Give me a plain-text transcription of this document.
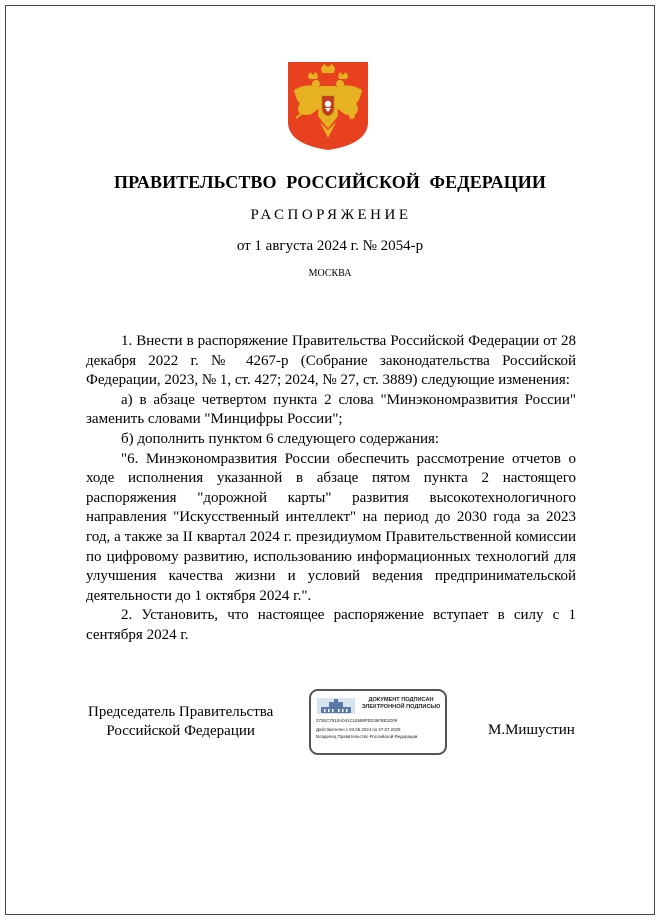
ПРАВИТЕЛЬСТВО РОССИЙСКОЙ ФЕДЕРАЦИИ
РАСПОРЯЖЕНИЕ
от 1 августа 2024 г. № 2054-р
МОСКВА

1. Внести в распоряжение Правительства Российской Федерации от 28 декабря 2022 г. № 4267-р (Собрание законодательства Российской Федерации, 2023, № 1, ст. 427; 2024, № 27, ст. 3889) следующие изменения:

а) в абзаце четвертом пункта 2 слова "Минэкономразвития России" заменить словами "Минцифры России";

б) дополнить пунктом 6 следующего содержания:

"6. Минэкономразвития России обеспечить рассмотрение отчетов о ходе исполнения указанной в абзаце пятом пункта 2 настоящего распоряжения "дорожной карты" развития высокотехнологичного направления "Искусственный интеллект" на период до 2030 года за 2023 год, а также за II квартал 2024 г. президиумом Правительственной комиссии по цифровому развитию, использованию информационных технологий для улучшения качества жизни и условий ведения предпринимательской деятельности до 1 октября 2024 г.".

2. Установить, что настоящее распоряжение вступает в силу с 1 сентября 2024 г.

Председатель Правительства
Российской Федерации
ДОКУМЕНТ ПОДПИСАН
ЭЛЕКТРОННОЙ ПОДПИСЬЮ
272EC7910A041C14588FEE36FBE1D09
Действителен с 03.05.2024 по 27.07.2025
Владелец Правительство Российской Федерации	М.Мишустин
